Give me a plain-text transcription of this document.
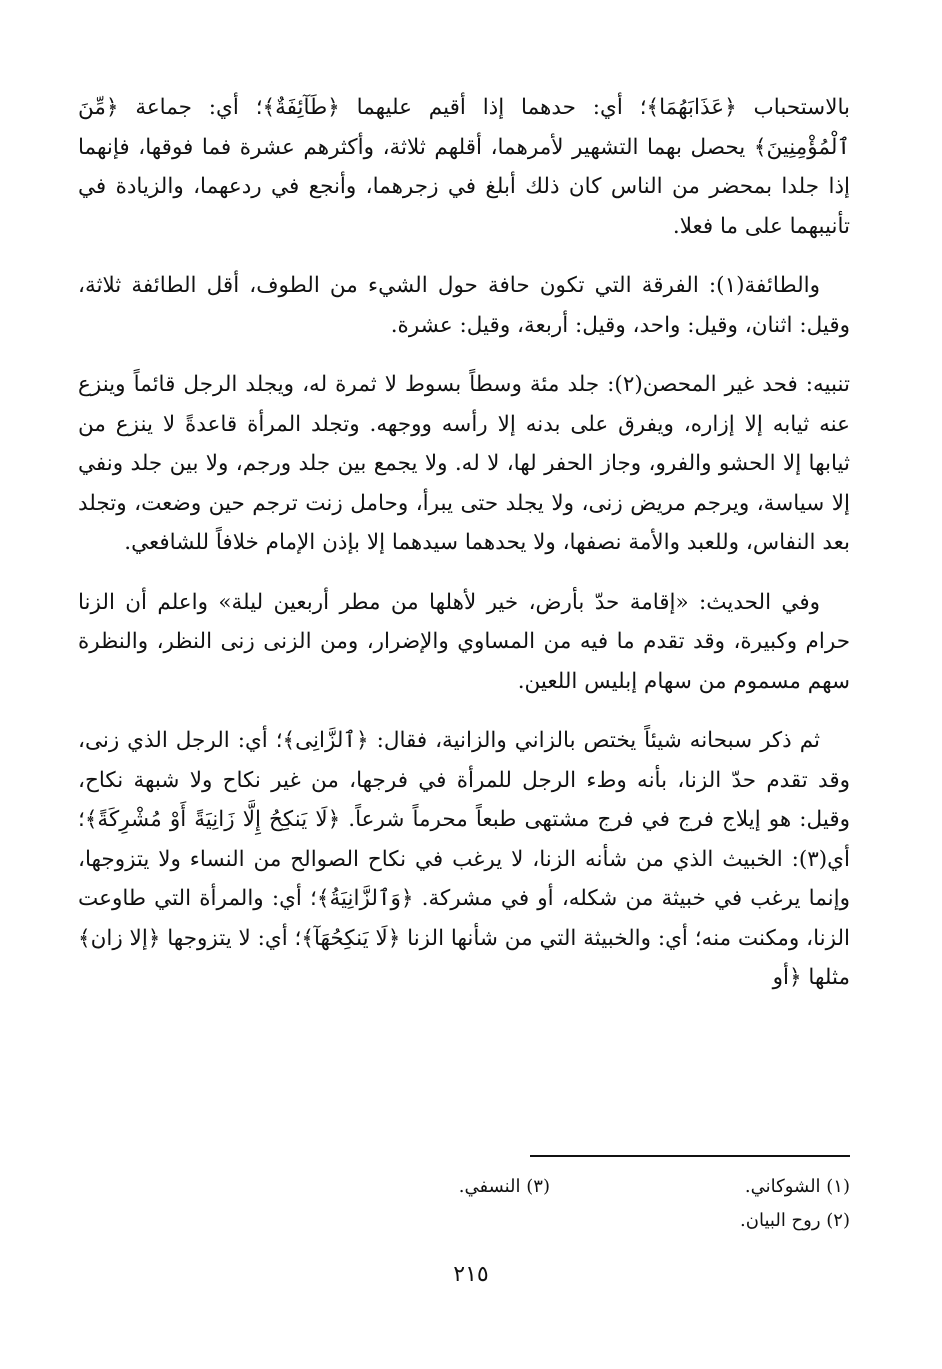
بالاستحباب ﴿عَذَابَهُمَا﴾؛ أي: حدهما إذا أقيم عليهما ﴿طَآئِفَةٌ﴾؛ أي: جماعة ﴿مِّنَ ٱلْمُؤْمِنِينَ﴾ يحصل بهما التشهير لأمرهما، أقلهم ثلاثة، وأكثرهم عشرة فما فوقها، فإنهما إذا جلدا بمحضر من الناس كان ذلك أبلغ في زجرهما، وأنجع في ردعهما، والزيادة في تأنيبهما على ما فعلا.

والطائفة(١): الفرقة التي تكون حافة حول الشيء من الطوف، أقل الطائفة ثلاثة، وقيل: اثنان، وقيل: واحد، وقيل: أربعة، وقيل: عشرة.

تنبيه: فحد غير المحصن(٢): جلد مئة وسطاً بسوط لا ثمرة له، ويجلد الرجل قائماً وينزع عنه ثيابه إلا إزاره، ويفرق على بدنه إلا رأسه ووجهه. وتجلد المرأة قاعدةً لا ينزع من ثيابها إلا الحشو والفرو، وجاز الحفر لها، لا له. ولا يجمع بين جلد ورجم، ولا بين جلد ونفي إلا سياسة، ويرجم مريض زنى، ولا يجلد حتى يبرأ، وحامل زنت ترجم حين وضعت، وتجلد بعد النفاس، وللعبد والأمة نصفها، ولا يحدهما سيدهما إلا بإذن الإمام خلافاً للشافعي.

وفي الحديث: «إقامة حدّ بأرض، خير لأهلها من مطر أربعين ليلة» واعلم أن الزنا حرام وكبيرة، وقد تقدم ما فيه من المساوي والإضرار، ومن الزنى زنى النظر، والنظرة سهم مسموم من سهام إبليس اللعين.

ثم ذكر سبحانه شيئاً يختص بالزاني والزانية، فقال: ﴿ٱلزَّانِى﴾؛ أي: الرجل الذي زنى، وقد تقدم حدّ الزنا، بأنه وطء الرجل للمرأة في فرجها، من غير نكاح ولا شبهة نكاح، وقيل: هو إيلاج فرج في فرج مشتهى طبعاً محرماً شرعاً. ﴿لَا يَنكِحُ إِلَّا زَانِيَةً أَوْ مُشْرِكَةً﴾؛ أي(٣): الخبيث الذي من شأنه الزنا، لا يرغب في نكاح الصوالح من النساء ولا يتزوجها، وإنما يرغب في خبيثة من شكله، أو في مشركة. ﴿وَٱلزَّانِيَةُ﴾؛ أي: والمرأة التي طاوعت الزنا، ومكنت منه؛ أي: والخبيثة التي من شأنها الزنا ﴿لَا يَنكِحُهَآ﴾؛ أي: لا يتزوجها ﴿إلا زان﴾ مثلها ﴿أو

(١) الشوكاني.
(٣) النسفي.
(٢) روح البيان.
٢١٥
